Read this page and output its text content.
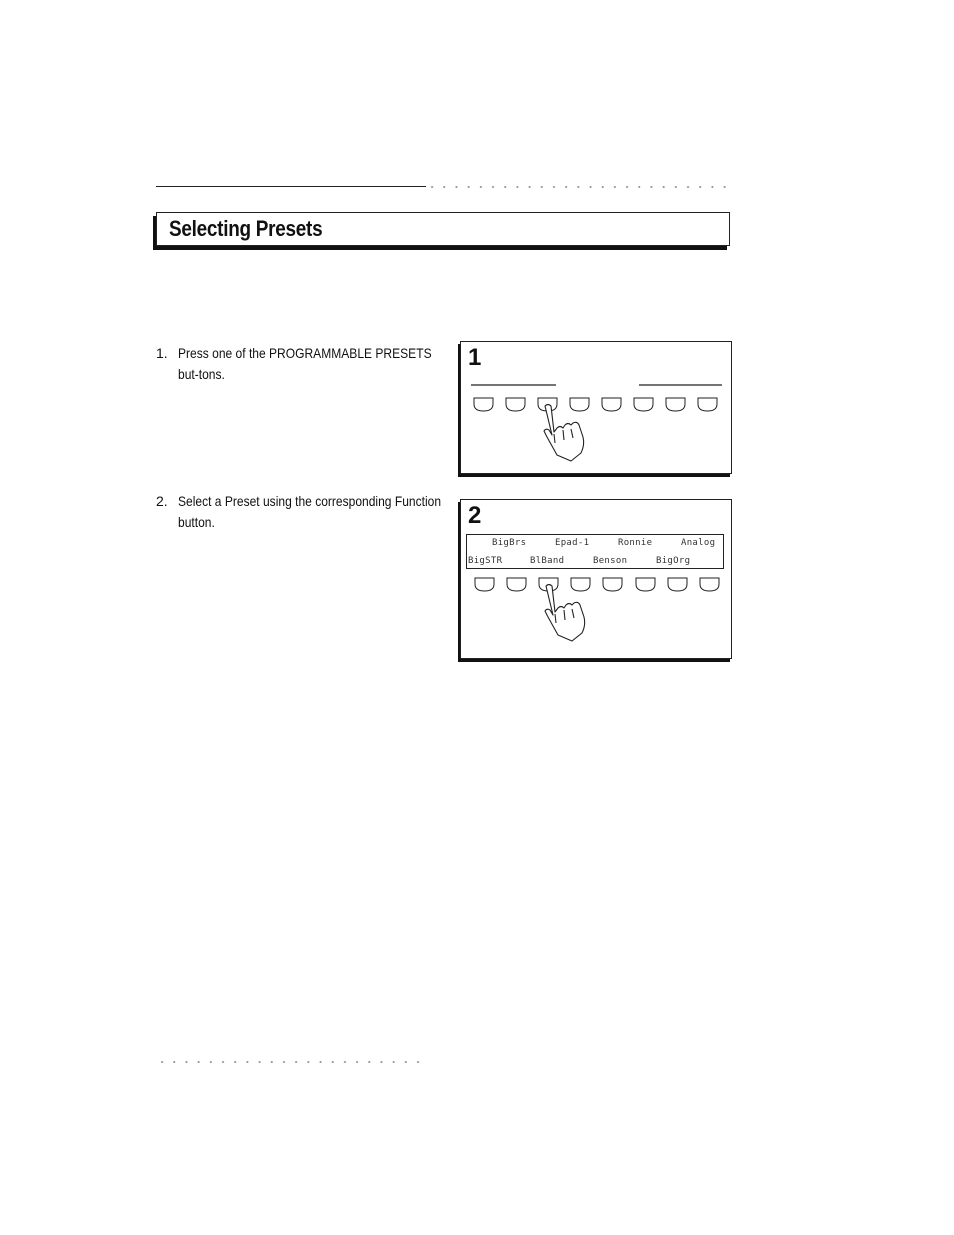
Selecting Presets
1. Press one of the PROGRAMMABLE PRESETS but-tons.
2. Select a Preset using the corresponding Function button.
1
2
BigBrs	Epad-1	Ronnie	Analog
BigSTR	BlBand	Benson	BigOrg
